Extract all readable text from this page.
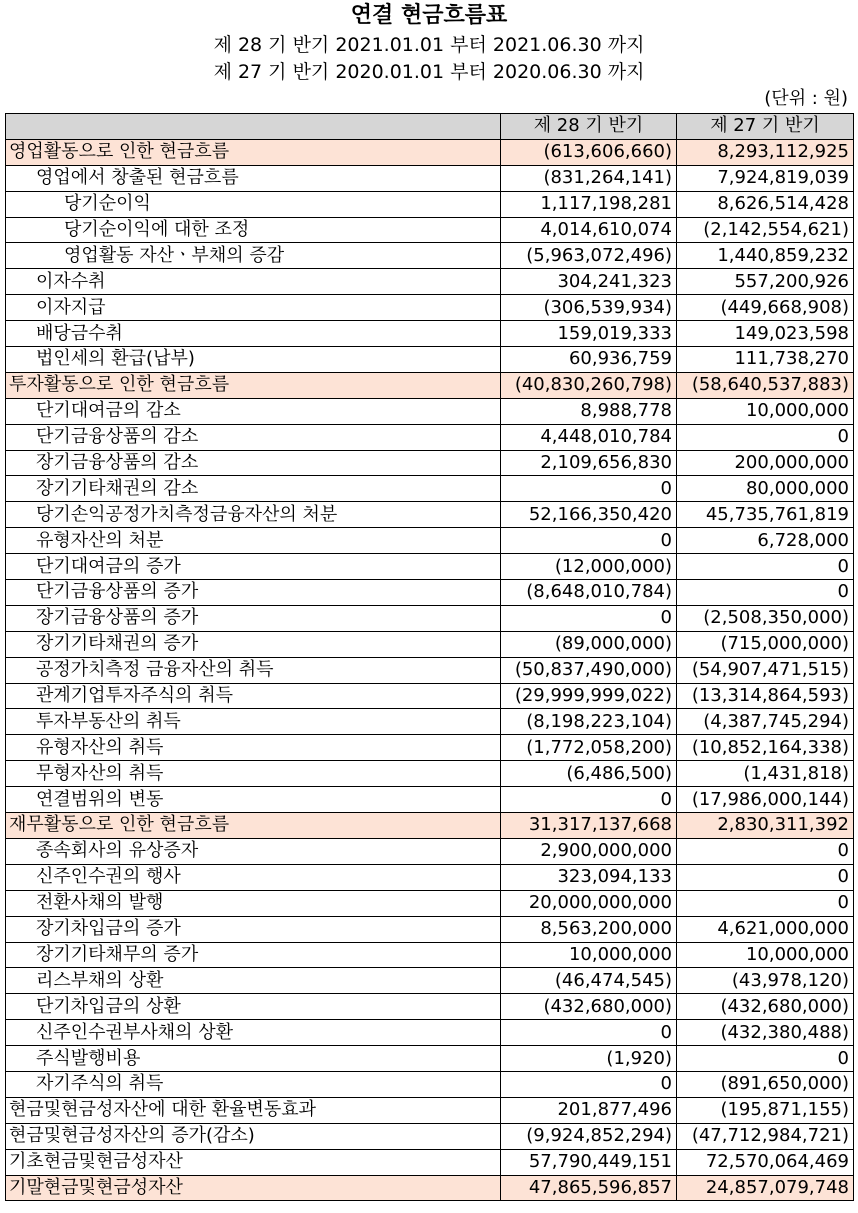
연결 현금흐름표
제 28 기 반기 2021.01.01 부터 2021.06.30 까지
제 27 기 반기 2020.01.01 부터 2020.06.30 까지
(단위 : 원)
	제 28 기 반기	제 27 기 반기
영업활동으로 인한 현금흐름	(613,606,660)	8,293,112,925
영업에서 창출된 현금흐름	(831,264,141)	7,924,819,039
당기순이익	1,117,198,281	8,626,514,428
당기순이익에 대한 조정	4,014,610,074	(2,142,554,621)
영업활동 자산ㆍ부채의 증감	(5,963,072,496)	1,440,859,232
이자수취	304,241,323	557,200,926
이자지급	(306,539,934)	(449,668,908)
배당금수취	159,019,333	149,023,598
법인세의 환급(납부)	60,936,759	111,738,270
투자활동으로 인한 현금흐름	(40,830,260,798)	(58,640,537,883)
단기대여금의 감소	8,988,778	10,000,000
단기금융상품의 감소	4,448,010,784	0
장기금융상품의 감소	2,109,656,830	200,000,000
장기기타채권의 감소	0	80,000,000
당기손익공정가치측정금융자산의 처분	52,166,350,420	45,735,761,819
유형자산의 처분	0	6,728,000
단기대여금의 증가	(12,000,000)	0
단기금융상품의 증가	(8,648,010,784)	0
장기금융상품의 증가	0	(2,508,350,000)
장기기타채권의 증가	(89,000,000)	(715,000,000)
공정가치측정 금융자산의 취득	(50,837,490,000)	(54,907,471,515)
관계기업투자주식의 취득	(29,999,999,022)	(13,314,864,593)
투자부동산의 취득	(8,198,223,104)	(4,387,745,294)
유형자산의 취득	(1,772,058,200)	(10,852,164,338)
무형자산의 취득	(6,486,500)	(1,431,818)
연결범위의 변동	0	(17,986,000,144)
재무활동으로 인한 현금흐름	31,317,137,668	2,830,311,392
종속회사의 유상증자	2,900,000,000	0
신주인수권의 행사	323,094,133	0
전환사채의 발행	20,000,000,000	0
장기차입금의 증가	8,563,200,000	4,621,000,000
장기기타채무의 증가	10,000,000	10,000,000
리스부채의 상환	(46,474,545)	(43,978,120)
단기차입금의 상환	(432,680,000)	(432,680,000)
신주인수권부사채의 상환	0	(432,380,488)
주식발행비용	(1,920)	0
자기주식의 취득	0	(891,650,000)
현금및현금성자산에 대한 환율변동효과	201,877,496	(195,871,155)
현금및현금성자산의 증가(감소)	(9,924,852,294)	(47,712,984,721)
기초현금및현금성자산	57,790,449,151	72,570,064,469
기말현금및현금성자산	47,865,596,857	24,857,079,748
